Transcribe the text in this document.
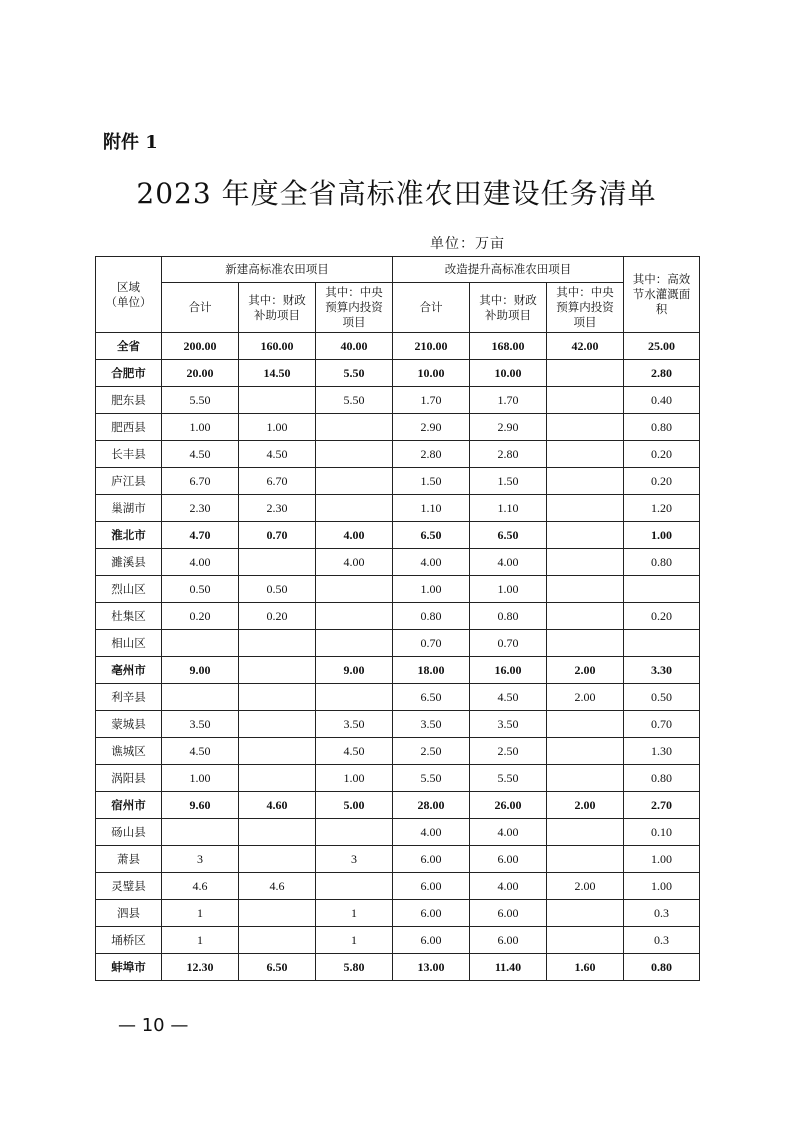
附件 1
2023 年度全省高标准农田建设任务清单
单位：万亩
区域
（单位）	新建高标准农田项目			改造提升高标准农田项目			其中：高效节水灌溉面积
	合计	其中：财政补助项目	其中：中央预算内投资项目	合计	其中：财政补助项目	其中：中央预算内投资项目	
全省	200.00	160.00	40.00	210.00	168.00	42.00	25.00
合肥市	20.00	14.50	5.50	10.00	10.00		2.80
肥东县	5.50		5.50	1.70	1.70		0.40
肥西县	1.00	1.00		2.90	2.90		0.80
长丰县	4.50	4.50		2.80	2.80		0.20
庐江县	6.70	6.70		1.50	1.50		0.20
巢湖市	2.30	2.30		1.10	1.10		1.20
淮北市	4.70	0.70	4.00	6.50	6.50		1.00
濉溪县	4.00		4.00	4.00	4.00		0.80
烈山区	0.50	0.50		1.00	1.00		
杜集区	0.20	0.20		0.80	0.80		0.20
相山区				0.70	0.70		
亳州市	9.00		9.00	18.00	16.00	2.00	3.30
利辛县				6.50	4.50	2.00	0.50
蒙城县	3.50		3.50	3.50	3.50		0.70
谯城区	4.50		4.50	2.50	2.50		1.30
涡阳县	1.00		1.00	5.50	5.50		0.80
宿州市	9.60	4.60	5.00	28.00	26.00	2.00	2.70
砀山县				4.00	4.00		0.10
萧县	3		3	6.00	6.00		1.00
灵璧县	4.6	4.6		6.00	4.00	2.00	1.00
泗县	1		1	6.00	6.00		0.3
埇桥区	1		1	6.00	6.00		0.3
蚌埠市	12.30	6.50	5.80	13.00	11.40	1.60	0.80
— 10 —
